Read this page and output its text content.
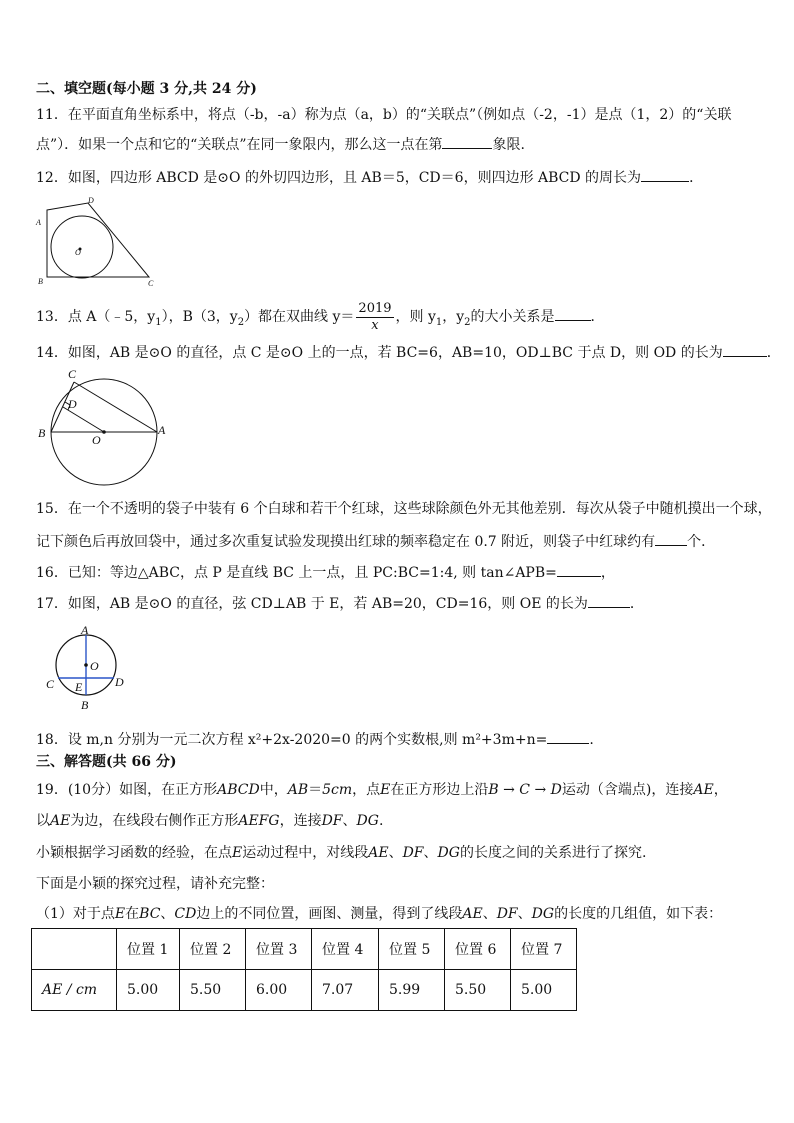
二、填空题(每小题 3 分,共 24 分)
11．在平面直角坐标系中，将点（-b，-a）称为点（a，b）的“关联点”（例如点（-2，-1）是点（1，2）的“关联
点”）．如果一个点和它的“关联点”在同一象限内，那么这一点在第	象限.
12．如图，四边形 ABCD 是⊙O 的外切四边形，且 AB＝5，CD＝6，则四边形 ABCD 的周长为	．
A
D
B	C
O
13．点 A（﹣5，$y_1$），B（3，$y_2$）都在双曲线 $y= \frac{2019}{x}$ ，则 $y_1$，$y_2$的大小关系是	．
14．如图，AB 是⊙O 的直径，点 C 是⊙O 上的一点，若 BC=6，AB=10，OD⊥BC 于点 D，则 OD 的长为	．
C
D
B	A
O
15．在一个不透明的袋子中装有 6 个白球和若干个红球，这些球除颜色外无其他差别．每次从袋子中随机摸出一个球，
记下颜色后再放回袋中，通过多次重复试验发现摸出红球的频率稳定在 0.7 附近，则袋子中红球约有 个．
16．已知：等边△ABC，点 P 是直线 BC 上一点，且 PC:BC=1:4, 则 tan∠APB=	，
17．如图，AB 是⊙O 的直径，弦 CD⊥AB 于 E，若 AB=20，CD=16，则 OE 的长为	．
A
O
C E	D
B
18．设 m,n 分别为一元二次方程 x²+2x-2020=0 的两个实数根,则 m²+3m+n=	.
三、解答题(共 66 分)
19．(10分）如图，在正方形ABCD中，AB＝5cm，点E在正方形边上沿B → C → D运动（含端点)，连接AE，
以AE为边，在线段右侧作正方形AEFG，连接DF、DG.
小颖根据学习函数的经验，在点E运动过程中，对线段AE、DF、DG的长度之间的关系进行了探究.
下面是小颖的探究过程，请补充完整：
（1）对于点E在BC、CD边上的不同位置，画图、测量，得到了线段AE、DF、DG的长度的几组值，如下表：
	位置 1	位置 2	位置 3	位置 4	位置 5	位置 6	位置 7
AE / cm	5.00	5.50	6.00	7.07	5.99	5.50	5.00
